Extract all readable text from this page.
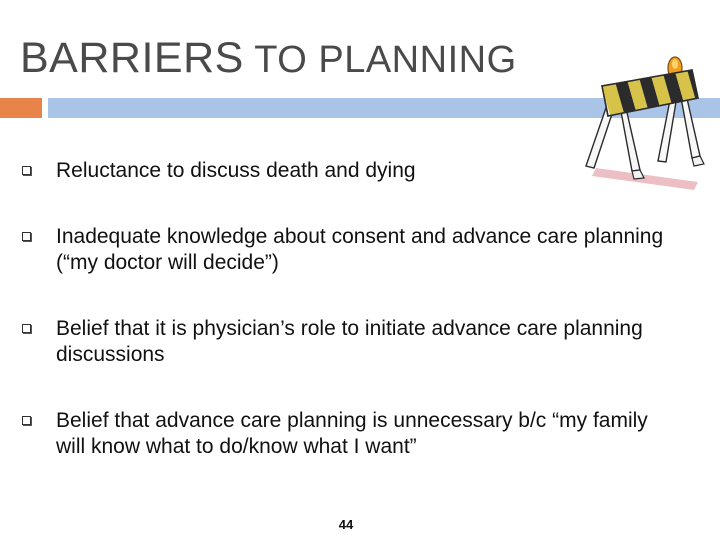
BARRIERS TO PLANNING
Reluctance to discuss death and dying
Inadequate knowledge about consent and advance care planning (“my doctor will decide”)
Belief that it is physician’s role to initiate advance care planning discussions
Belief that advance care planning is unnecessary b/c “my family will know what to do/know what I want”
44
